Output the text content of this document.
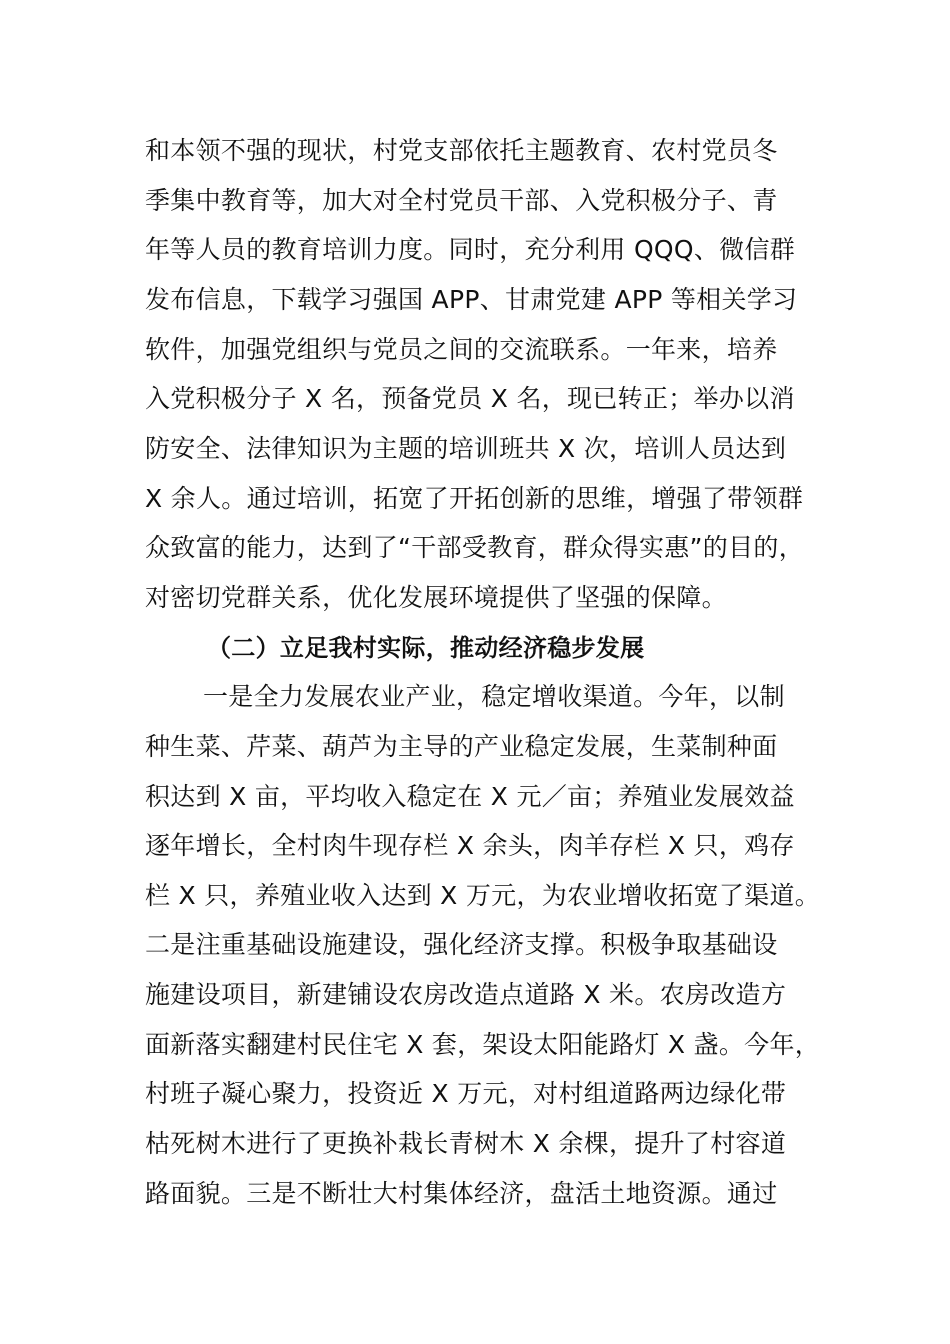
和本领不强的现状，村党支部依托主题教育、农村党员冬
季集中教育等，加大对全村党员干部、入党积极分子、青
年等人员的教育培训力度。同时，充分利用 QQQ、微信群
发布信息，下载学习强国 APP、甘肃党建 APP 等相关学习
软件，加强党组织与党员之间的交流联系。一年来，培养
入党积极分子 X 名，预备党员 X 名，现已转正；举办以消
防安全、法律知识为主题的培训班共 X 次，培训人员达到
X 余人。通过培训，拓宽了开拓创新的思维，增强了带领群
众致富的能力，达到了“干部受教育，群众得实惠”的目的，
对密切党群关系，优化发展环境提供了坚强的保障。
（二）立足我村实际，推动经济稳步发展
一是全力发展农业产业，稳定增收渠道。今年，以制
种生菜、芹菜、葫芦为主导的产业稳定发展，生菜制种面
积达到 X 亩，平均收入稳定在 X 元／亩；养殖业发展效益
逐年增长，全村肉牛现存栏 X 余头，肉羊存栏 X 只，鸡存
栏 X 只，养殖业收入达到 X 万元，为农业增收拓宽了渠道。
二是注重基础设施建设，强化经济支撑。积极争取基础设
施建设项目，新建铺设农房改造点道路 X 米。农房改造方
面新落实翻建村民住宅 X 套，架设太阳能路灯 X 盏。今年，
村班子凝心聚力，投资近 X 万元，对村组道路两边绿化带
枯死树木进行了更换补栽长青树木 X 余棵，提升了村容道
路面貌。三是不断壮大村集体经济，盘活土地资源。通过
